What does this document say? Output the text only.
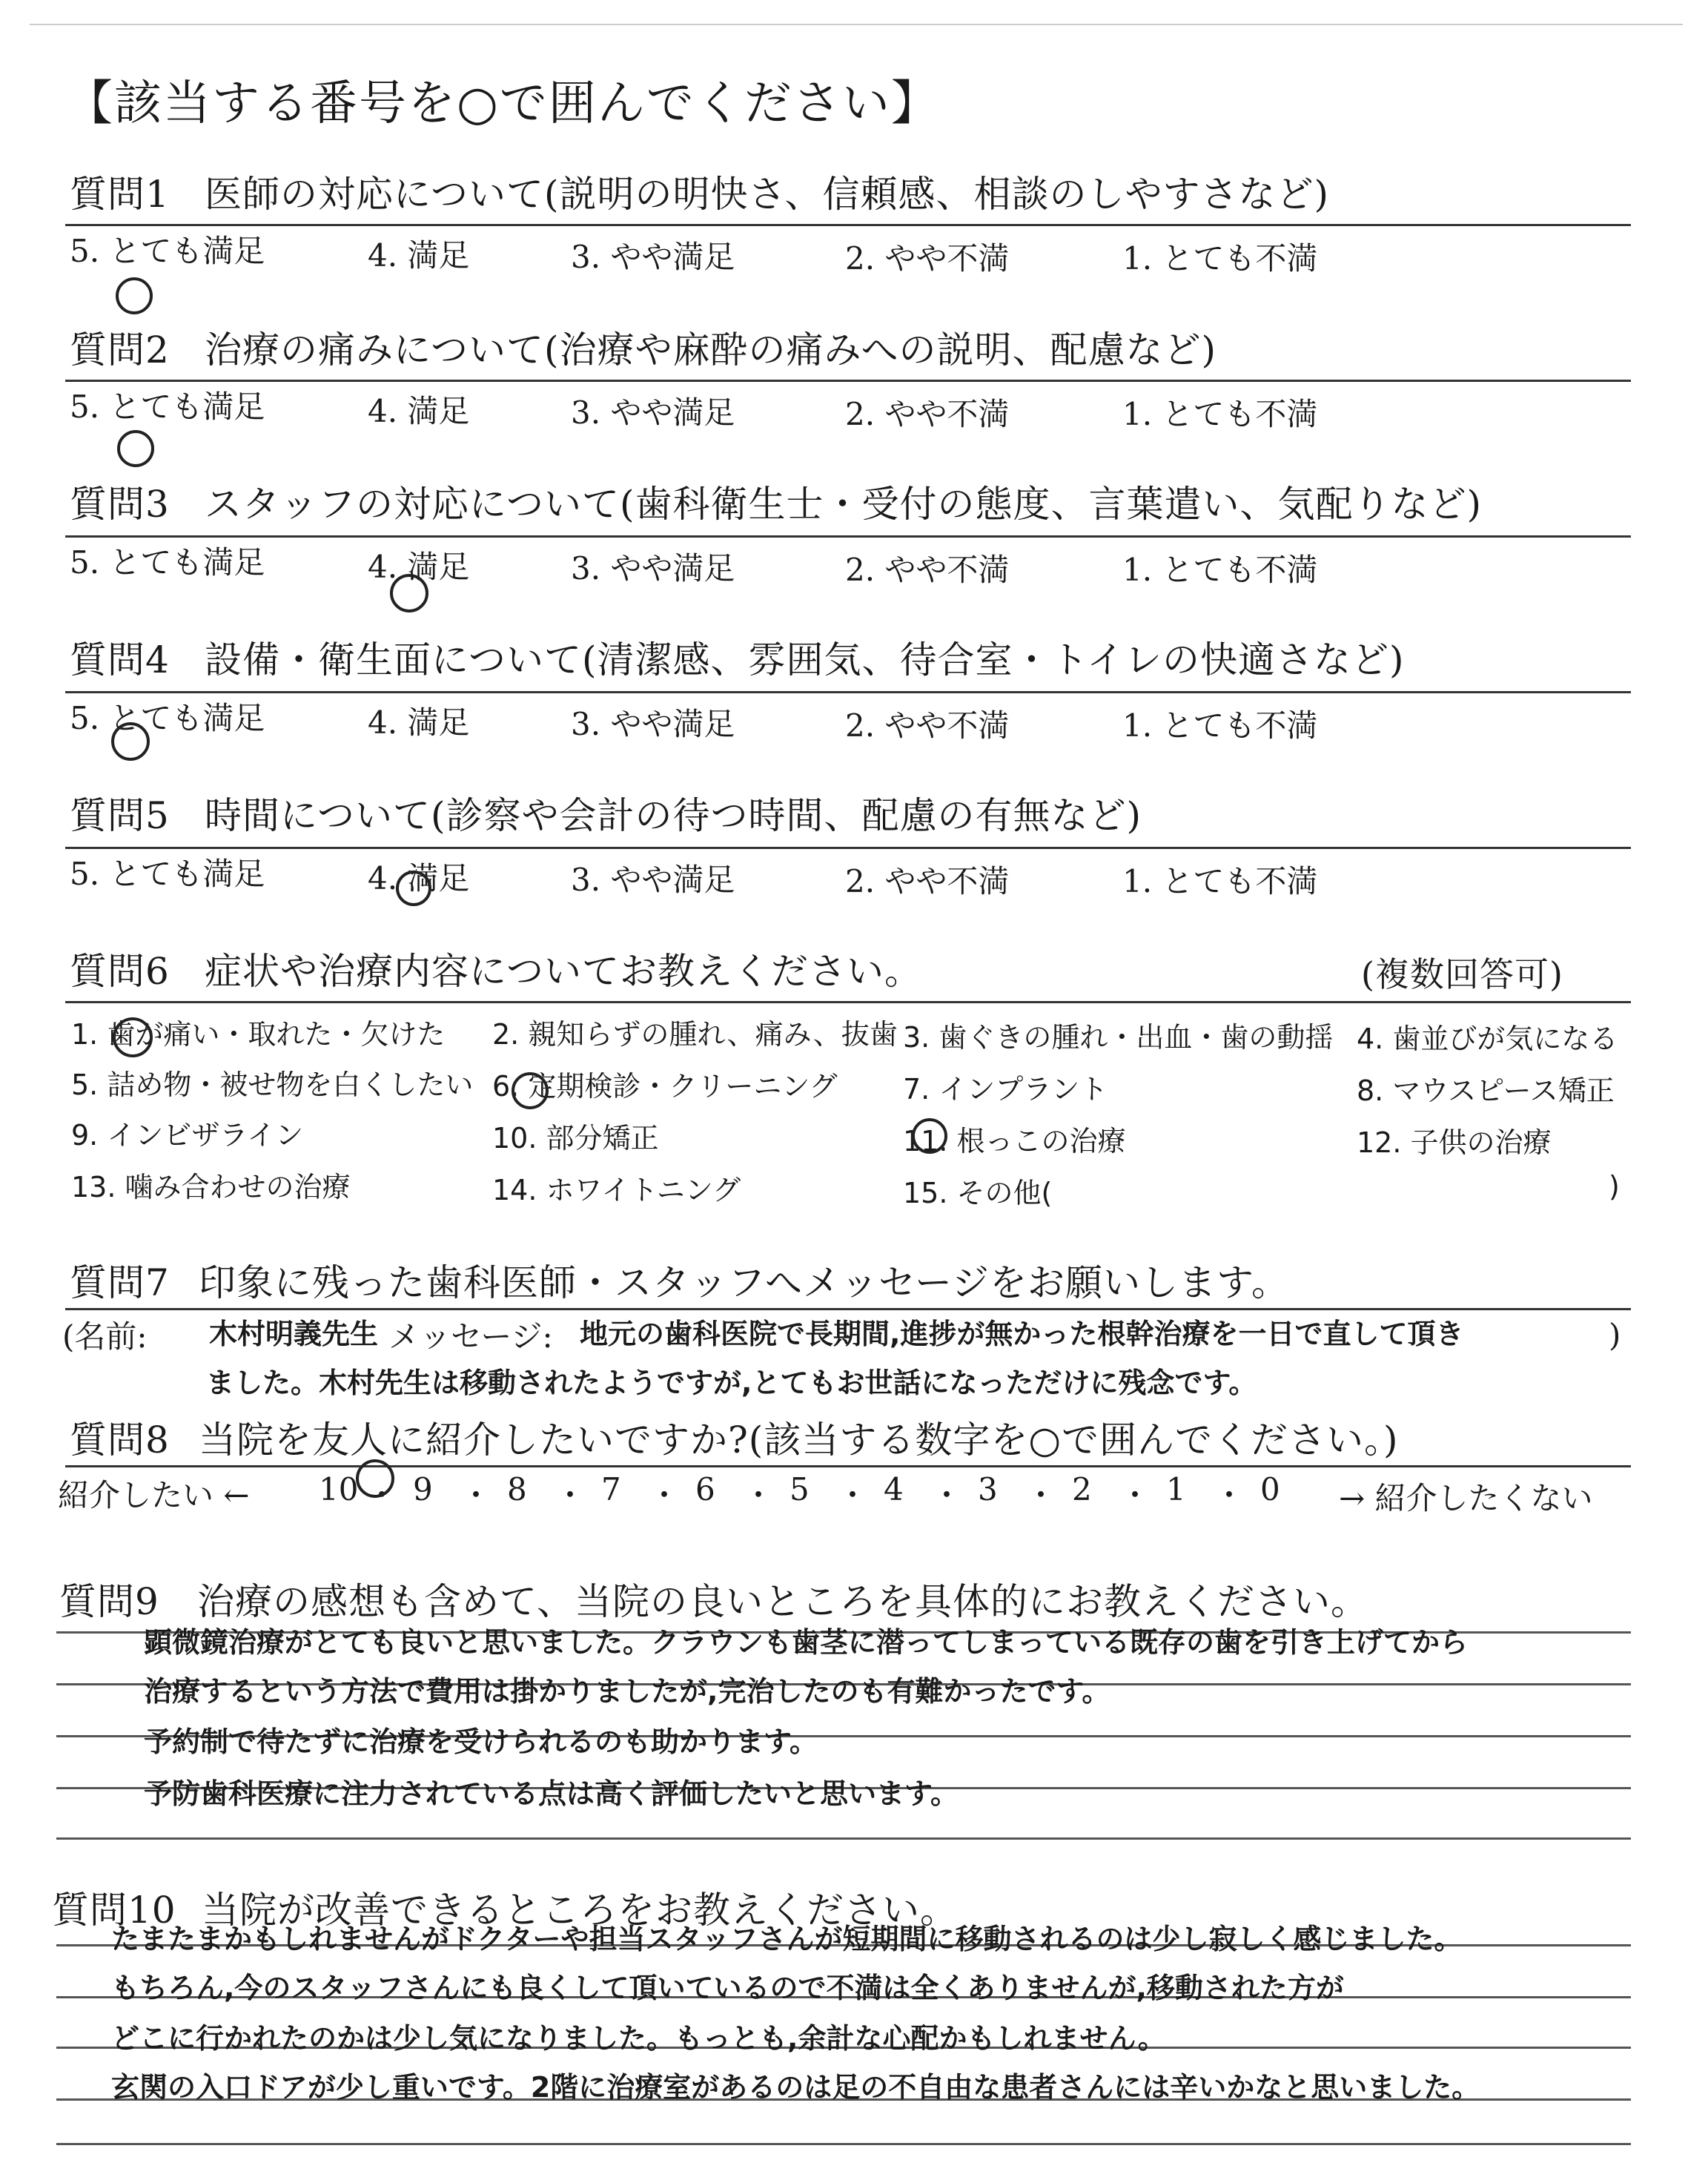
【該当する番号を○で囲んでください】
質問1 医師の対応について(説明の明快さ、信頼感、相談のしやすさなど)
5. とても満足	4. 満足	3. やや満足	2. やや不満	1. とても不満
質問2 治療の痛みについて(治療や麻酔の痛みへの説明、配慮など)
5. とても満足	4. 満足	3. やや満足	2. やや不満	1. とても不満
質問3 スタッフの対応について(歯科衛生士・受付の態度、言葉遣い、気配りなど)
5. とても満足	4. 満足	3. やや満足	2. やや不満	1. とても不満
質問4 設備・衛生面について(清潔感、雰囲気、待合室・トイレの快適さなど)
5. とても満足	4. 満足	3. やや満足	2. やや不満	1. とても不満
質問5 時間について(診察や会計の待つ時間、配慮の有無など)
5. とても満足	4. 満足	3. やや満足	2. やや不満	1. とても不満
質問6 症状や治療内容についてお教えください。	(複数回答可)
1. 歯が痛い・取れた・欠けた 2. 親知らずの腫れ、痛み、抜歯 3. 歯ぐきの腫れ・出血・歯の動揺 4. 歯並びが気になる
5. 詰め物・被せ物を白くしたい 6. 定期検診・クリーニング 7. インプラント	8. マウスピース矯正
9. インビザライン	10. 部分矯正	11. 根っこの治療	12. 子供の治療
13. 噛み合わせの治療	14. ホワイトニング	15. その他(	)
質問7 印象に残った歯科医師・スタッフへメッセージをお願いします。
(名前: 木村明義先生 メッセージ: 地元の歯科医院で長期間,進捗が無かった根幹治療を一日で直して頂き	)
ました。木村先生は移動されたようですが,とてもお世話になっただけに残念です。
質問8 当院を友人に紹介したいですか?(該当する数字を○で囲んでください。)
紹介したい ←	→ 紹介したくない
10 ・ 9 ・ 8 ・ 7 ・ 6 ・ 5 ・ 4 ・ 3 ・ 2 ・ 1 ・ 0
質問9 治療の感想も含めて、当院の良いところを具体的にお教えください。
顕微鏡治療がとても良いと思いました。クラウンも歯茎に潜ってしまっている既存の歯を引き上げてから
治療するという方法で費用は掛かりましたが,完治したのも有難かったです。
予約制で待たずに治療を受けられるのも助かります。
予防歯科医療に注力されている点は高く評価したいと思います。
質問10 当院が改善できるところをお教えください。
たまたまかもしれませんがドクターや担当スタッフさんが短期間に移動されるのは少し寂しく感じました。
もちろん,今のスタッフさんにも良くして頂いているので不満は全くありませんが,移動された方が
どこに行かれたのかは少し気になりました。もっとも,余計な心配かもしれません。
玄関の入口ドアが少し重いです。2階に治療室があるのは足の不自由な患者さんには辛いかなと思いました。
